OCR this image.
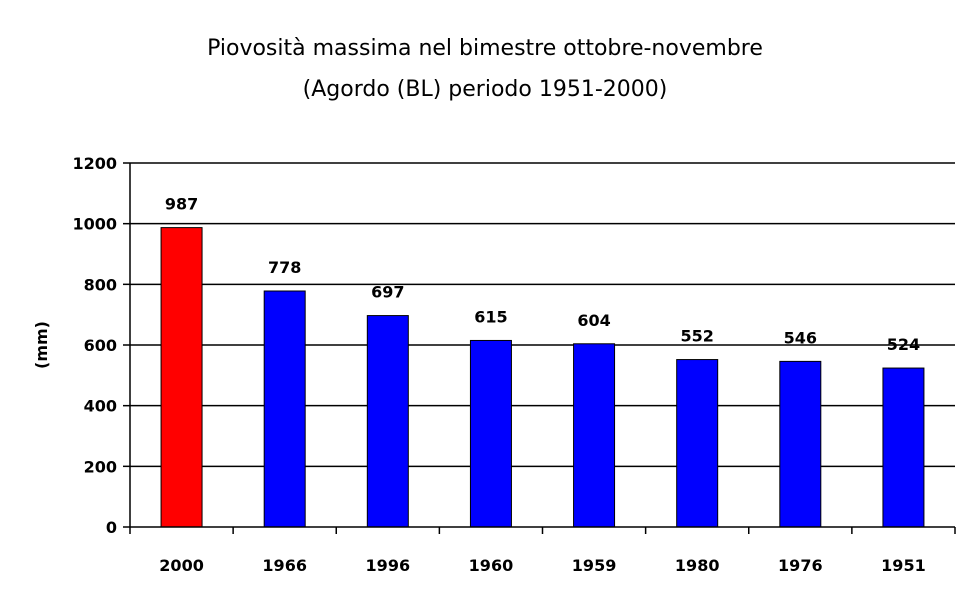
Piovosità massima nel bimestre ottobre-novembre
(Agordo (BL) periodo 1951-2000)
(mm)
0
200
400
600
800
1000
1200
2000	1966	1996	1960	1959	1980	1976	1951
987
778
697
615	604
552	546	524
